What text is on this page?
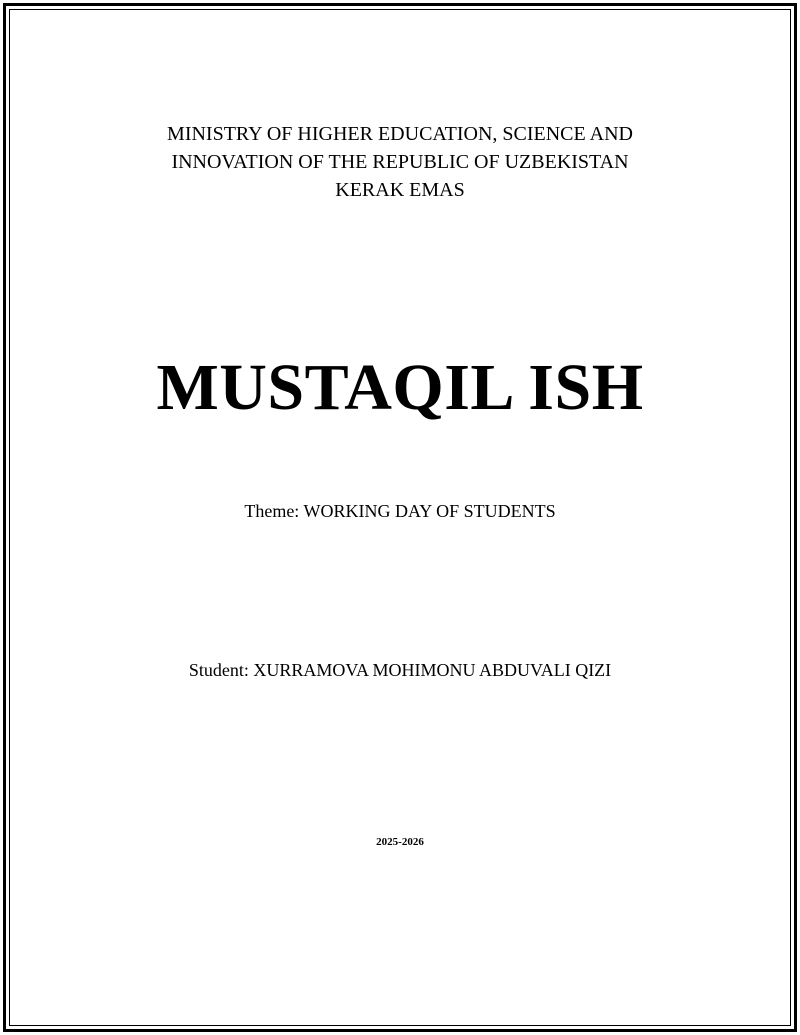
MINISTRY OF HIGHER EDUCATION, SCIENCE AND
INNOVATION OF THE REPUBLIC OF UZBEKISTAN
KERAK EMAS
MUSTAQIL ISH
Theme: WORKING DAY OF STUDENTS
Student: XURRAMOVA MOHIMONU ABDUVALI QIZI
2025-2026
